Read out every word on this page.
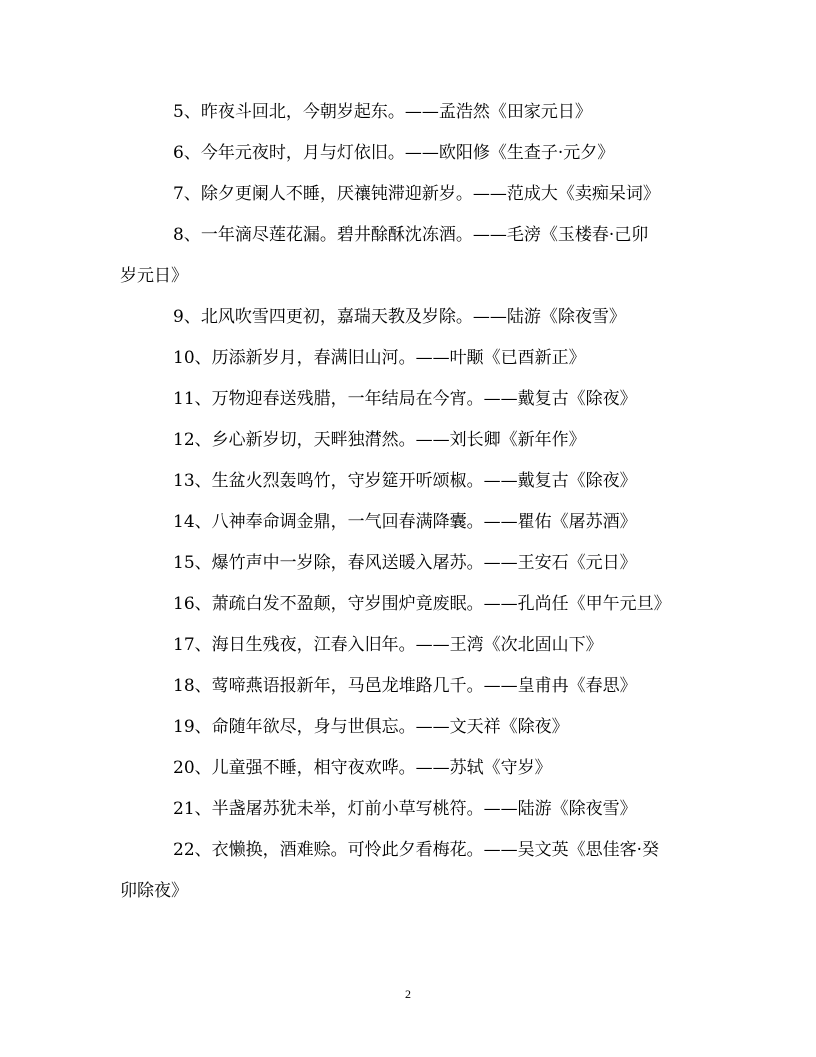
5、昨夜斗回北，今朝岁起东。——孟浩然《田家元日》
6、今年元夜时，月与灯依旧。——欧阳修《生查子·元夕》
7、除夕更阑人不睡，厌禳钝滞迎新岁。——范成大《卖痴呆词》
8、一年滴尽莲花漏。碧井酴酥沈冻酒。——毛滂《玉楼春·己卯
岁元日》
9、北风吹雪四更初，嘉瑞天教及岁除。——陆游《除夜雪》
10、历添新岁月，春满旧山河。——叶颙《已酉新正》
11、万物迎春送残腊，一年结局在今宵。——戴复古《除夜》
12、乡心新岁切，天畔独潸然。——刘长卿《新年作》
13、生盆火烈轰鸣竹，守岁筵开听颂椒。——戴复古《除夜》
14、八神奉命调金鼎，一气回春满降囊。——瞿佑《屠苏酒》
15、爆竹声中一岁除，春风送暖入屠苏。——王安石《元日》
16、萧疏白发不盈颠，守岁围炉竟废眠。——孔尚任《甲午元旦》
17、海日生残夜，江春入旧年。——王湾《次北固山下》
18、莺啼燕语报新年，马邑龙堆路几千。——皇甫冉《春思》
19、命随年欲尽，身与世俱忘。——文天祥《除夜》
20、儿童强不睡，相守夜欢哗。——苏轼《守岁》
21、半盏屠苏犹未举，灯前小草写桃符。——陆游《除夜雪》
22、衣懒换，酒难赊。可怜此夕看梅花。——吴文英《思佳客·癸
卯除夜》
2
